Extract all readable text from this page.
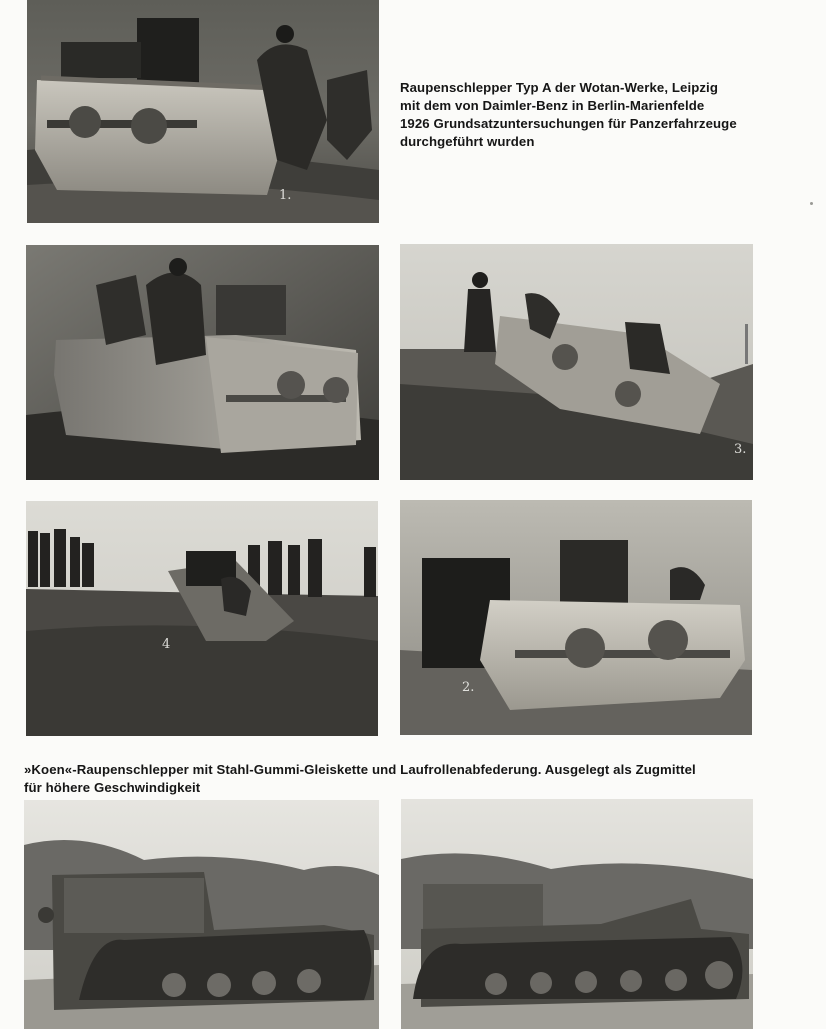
1.
Raupenschlepper Typ A der Wotan-Werke, Leipzig
mit dem von Daimler-Benz in Berlin-Marienfelde
1926 Grundsatzuntersuchungen für Panzerfahrzeuge
durchgeführt wurden
3.
4
2.
»Koen«-Raupenschlepper mit Stahl-Gummi-Gleiskette und Laufrollenabfederung. Ausgelegt als Zugmittel
für höhere Geschwindigkeit
